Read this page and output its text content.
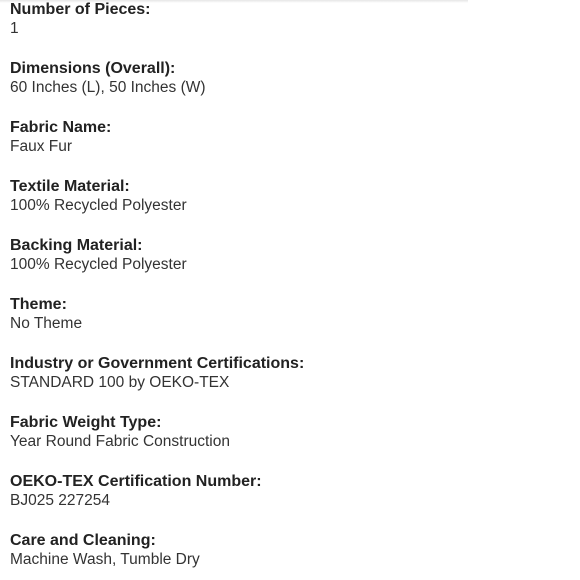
Number of Pieces:
1
Dimensions (Overall):
60 Inches (L), 50 Inches (W)
Fabric Name:
Faux Fur
Textile Material:
100% Recycled Polyester
Backing Material:
100% Recycled Polyester
Theme:
No Theme
Industry or Government Certifications:
STANDARD 100 by OEKO-TEX
Fabric Weight Type:
Year Round Fabric Construction
OEKO-TEX Certification Number:
BJ025 227254
Care and Cleaning:
Machine Wash, Tumble Dry
